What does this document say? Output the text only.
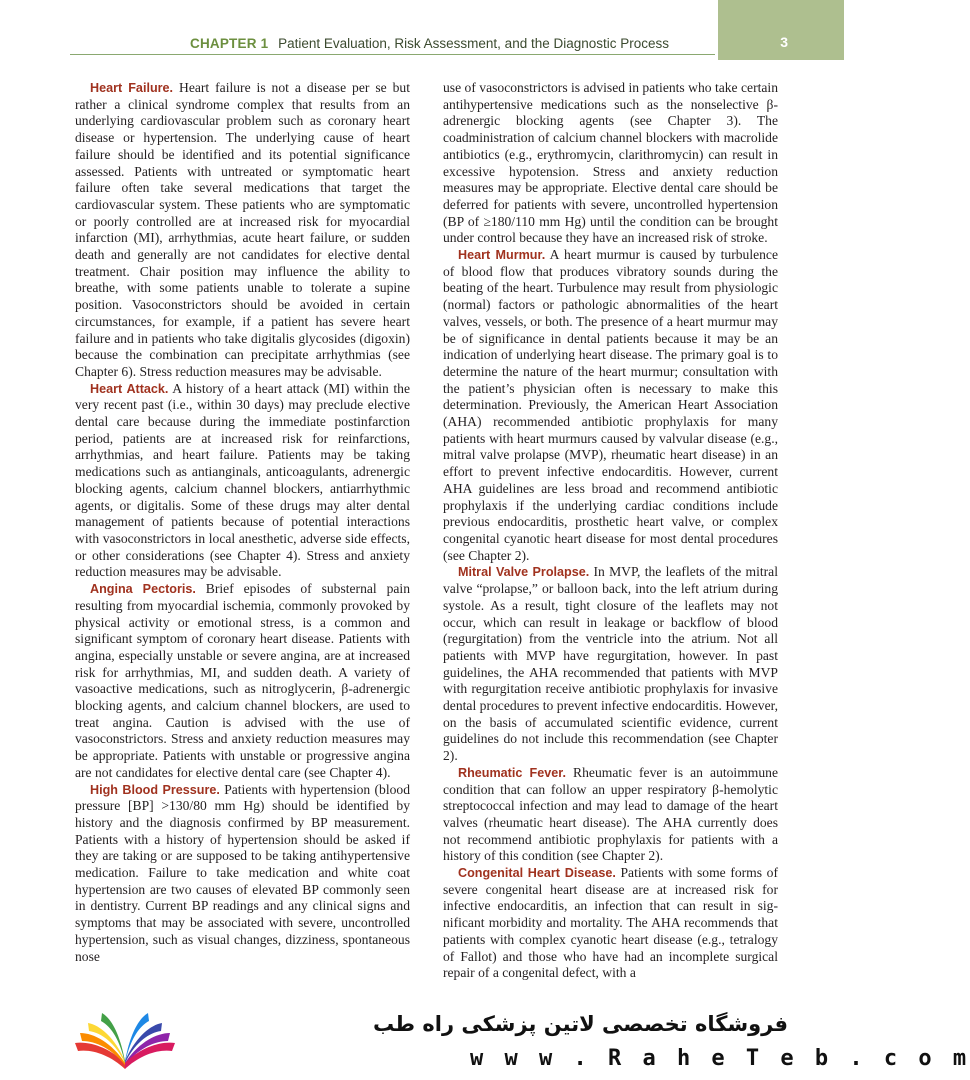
CHAPTER 1 Patient Evaluation, Risk Assessment, and the Diagnostic Process	3

Heart Failure. Heart failure is not a disease per se but rather a clinical syndrome complex that results from an underlying cardiovascular problem such as coronary heart disease or hypertension. The underlying cause of heart failure should be identified and its potential significance assessed. Patients with untreated or symptomatic heart failure often take several medications that target the cardiovascular system. These patients who are symptomatic or poorly controlled are at increased risk for myocardial infarction (MI), arrhythmias, acute heart failure, or sudden death and generally are not candidates for elective dental treatment. Chair position may influence the ability to breathe, with some patients unable to tolerate a supine position. Vasoconstrictors should be avoided in certain circumstances, for example, if a patient has severe heart failure and in patients who take digitalis glycosides (digoxin) because the combination can precipitate arrhythmias (see Chapter 6). Stress reduction measures may be advisable.

Heart Attack. A history of a heart attack (MI) within the very recent past (i.e., within 30 days) may preclude elective dental care because during the immediate postinfarction period, patients are at increased risk for reinfarctions, arrhythmias, and heart failure. Patients may be taking medications such as antianginals, anticoagulants, adrenergic blocking agents, calcium channel blockers, antiarrhythmic agents, or digitalis. Some of these drugs may alter dental management of patients because of potential interactions with vasoconstrictors in local anesthetic, adverse side effects, or other considerations (see Chapter 4). Stress and anxiety reduction measures may be advisable.

Angina Pectoris. Brief episodes of substernal pain resulting from myocardial ischemia, commonly provoked by physical activity or emotional stress, is a common and significant symptom of coronary heart disease. Patients with angina, especially unstable or severe angina, are at increased risk for arrhythmias, MI, and sudden death. A variety of vasoactive medications, such as nitroglycerin, β-adrenergic blocking agents, and calcium channel blockers, are used to treat angina. Caution is advised with the use of vasoconstrictors. Stress and anxiety reduction measures may be appropriate. Patients with unstable or progressive angina are not candidates for elective dental care (see Chapter 4).

High Blood Pressure. Patients with hypertension (blood pressure [BP] >130/80 mm Hg) should be identified by history and the diagnosis confirmed by BP measurement. Patients with a history of hypertension should be asked if they are taking or are supposed to be taking antihypertensive medication. Failure to take medication and white coat hypertension are two causes of elevated BP commonly seen in dentistry. Current BP readings and any clinical signs and symptoms that may be associated with severe, uncontrolled hypertension, such as visual changes, dizziness, spontaneous nose

use of vasoconstrictors is advised in patients who take certain antihypertensive medications such as the nonselective β-adrenergic blocking agents (see Chapter 3). The coadministration of calcium channel blockers with macrolide antibiotics (e.g., erythromycin, clarithromycin) can result in excessive hypotension. Stress and anxiety reduction measures may be appropriate. Elective dental care should be deferred for patients with severe, uncontrolled hypertension (BP of ≥180/110 mm Hg) until the condition can be brought under control because they have an increased risk of stroke.

Heart Murmur. A heart murmur is caused by turbulence of blood flow that produces vibratory sounds during the beating of the heart. Turbulence may result from physiologic (normal) factors or pathologic abnormalities of the heart valves, vessels, or both. The presence of a heart murmur may be of significance in dental patients because it may be an indication of underlying heart disease. The primary goal is to determine the nature of the heart murmur; consultation with the patient’s physician often is necessary to make this determination. Previously, the American Heart Association (AHA) recommended antibiotic prophylaxis for many patients with heart murmurs caused by valvular disease (e.g., mitral valve prolapse (MVP), rheumatic heart disease) in an effort to prevent infective endocarditis. However, current AHA guidelines are less broad and recommend antibiotic prophylaxis if the underlying cardiac conditions include previous endocarditis, prosthetic heart valve, or complex congenital cyanotic heart disease for most dental procedures (see Chapter 2).

Mitral Valve Prolapse. In MVP, the leaflets of the mitral valve “prolapse,” or balloon back, into the left atrium during systole. As a result, tight closure of the leaflets may not occur, which can result in leakage or backflow of blood (regurgitation) from the ventricle into the atrium. Not all patients with MVP have regurgitation, however. In past guidelines, the AHA recommended that patients with MVP with regurgitation receive antibiotic prophylaxis for invasive dental procedures to prevent infective endocarditis. However, on the basis of accumulated scientific evidence, current guidelines do not include this recommendation (see Chapter 2).

Rheumatic Fever. Rheumatic fever is an autoimmune condition that can follow an upper respiratory β-hemolytic streptococcal infection and may lead to damage of the heart valves (rheumatic heart disease). The AHA currently does not recommend antibiotic prophylaxis for patients with a history of this condition (see Chapter 2).

Congenital Heart Disease. Patients with some forms of severe congenital heart disease are at increased risk for infective endocarditis, an infection that can result in significant morbidity and mortality. The AHA recommends that patients with complex cyanotic heart disease (e.g., tetralogy of Fallot) and those who have had an incomplete surgical repair of a congenital defect, with a

فروشگاه تخصصی لاتین پزشکی راه طب
w w w . R a h e T e b . c o m
